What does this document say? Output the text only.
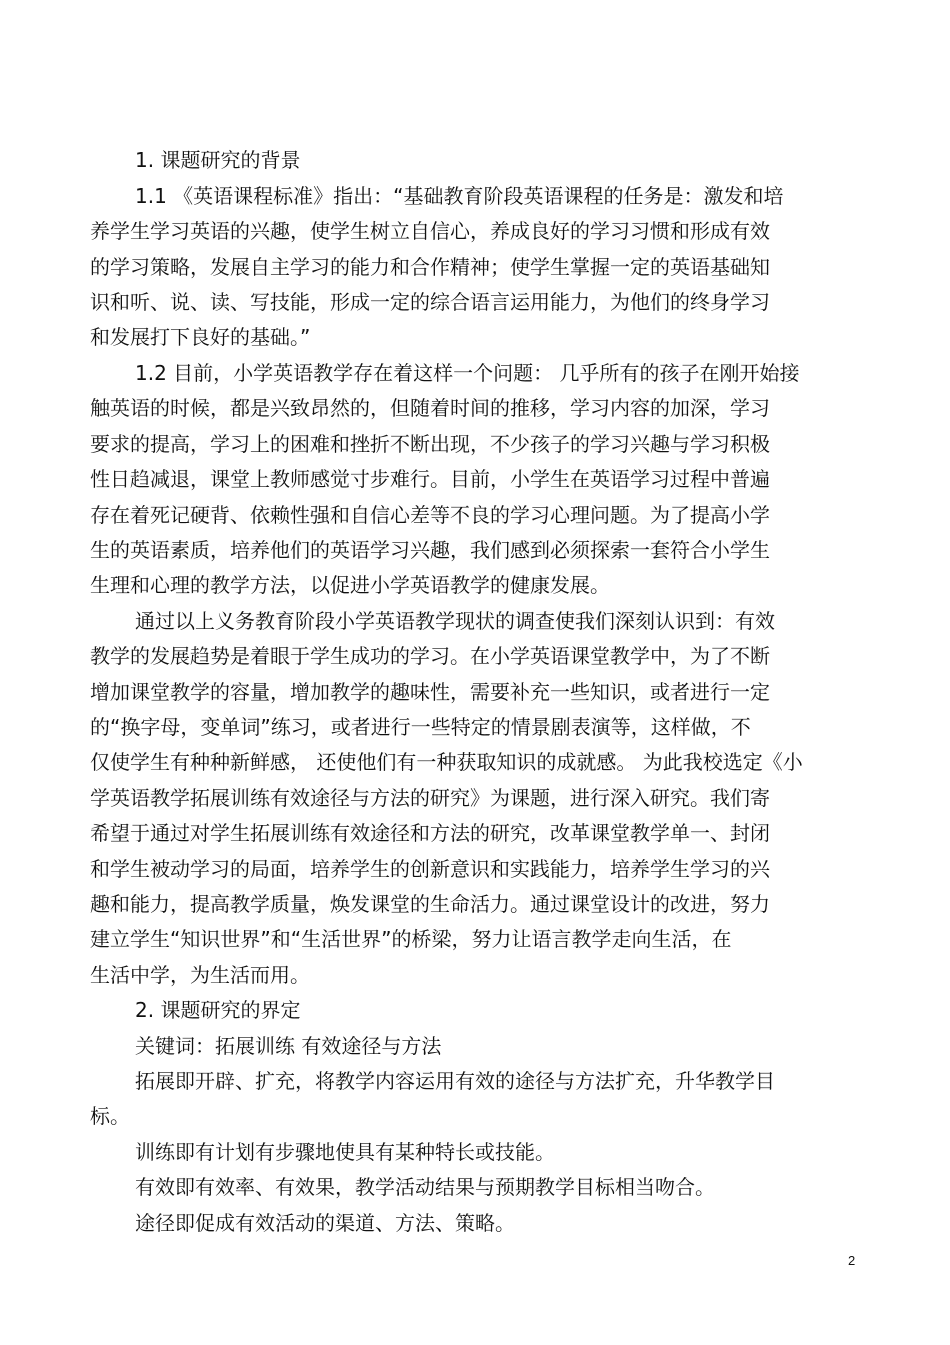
1. 课题研究的背景
1.1 《英语课程标准》指出：“基础教育阶段英语课程的任务是：激发和培
养学生学习英语的兴趣，使学生树立自信心，养成良好的学习习惯和形成有效
的学习策略，发展自主学习的能力和合作精神；使学生掌握一定的英语基础知
识和听、说、读、写技能，形成一定的综合语言运用能力，为他们的终身学习
和发展打下良好的基础。”
1.2 目前，小学英语教学存在着这样一个问题： 几乎所有的孩子在刚开始接
触英语的时候，都是兴致昂然的，但随着时间的推移，学习内容的加深，学习
要求的提高，学习上的困难和挫折不断出现，不少孩子的学习兴趣与学习积极
性日趋减退，课堂上教师感觉寸步难行。目前，小学生在英语学习过程中普遍
存在着死记硬背、依赖性强和自信心差等不良的学习心理问题。为了提高小学
生的英语素质，培养他们的英语学习兴趣，我们感到必须探索一套符合小学生
生理和心理的教学方法，以促进小学英语教学的健康发展。
通过以上义务教育阶段小学英语教学现状的调查使我们深刻认识到：有效
教学的发展趋势是着眼于学生成功的学习。在小学英语课堂教学中，为了不断
增加课堂教学的容量，增加教学的趣味性，需要补充一些知识，或者进行一定
的“换字母，变单词”练习，或者进行一些特定的情景剧表演等，这样做，不
仅使学生有种种新鲜感， 还使他们有一种获取知识的成就感。 为此我校选定《小
学英语教学拓展训练有效途径与方法的研究》为课题，进行深入研究。我们寄
希望于通过对学生拓展训练有效途径和方法的研究，改革课堂教学单一、封闭
和学生被动学习的局面，培养学生的创新意识和实践能力，培养学生学习的兴
趣和能力，提高教学质量，焕发课堂的生命活力。通过课堂设计的改进，努力
建立学生“知识世界”和“生活世界”的桥梁，努力让语言教学走向生活，在
生活中学，为生活而用。
2. 课题研究的界定
关键词：拓展训练 有效途径与方法
拓展即开辟、扩充，将教学内容运用有效的途径与方法扩充，升华教学目
标。
训练即有计划有步骤地使具有某种特长或技能。
有效即有效率、有效果，教学活动结果与预期教学目标相当吻合。
途径即促成有效活动的渠道、方法、策略。
2
